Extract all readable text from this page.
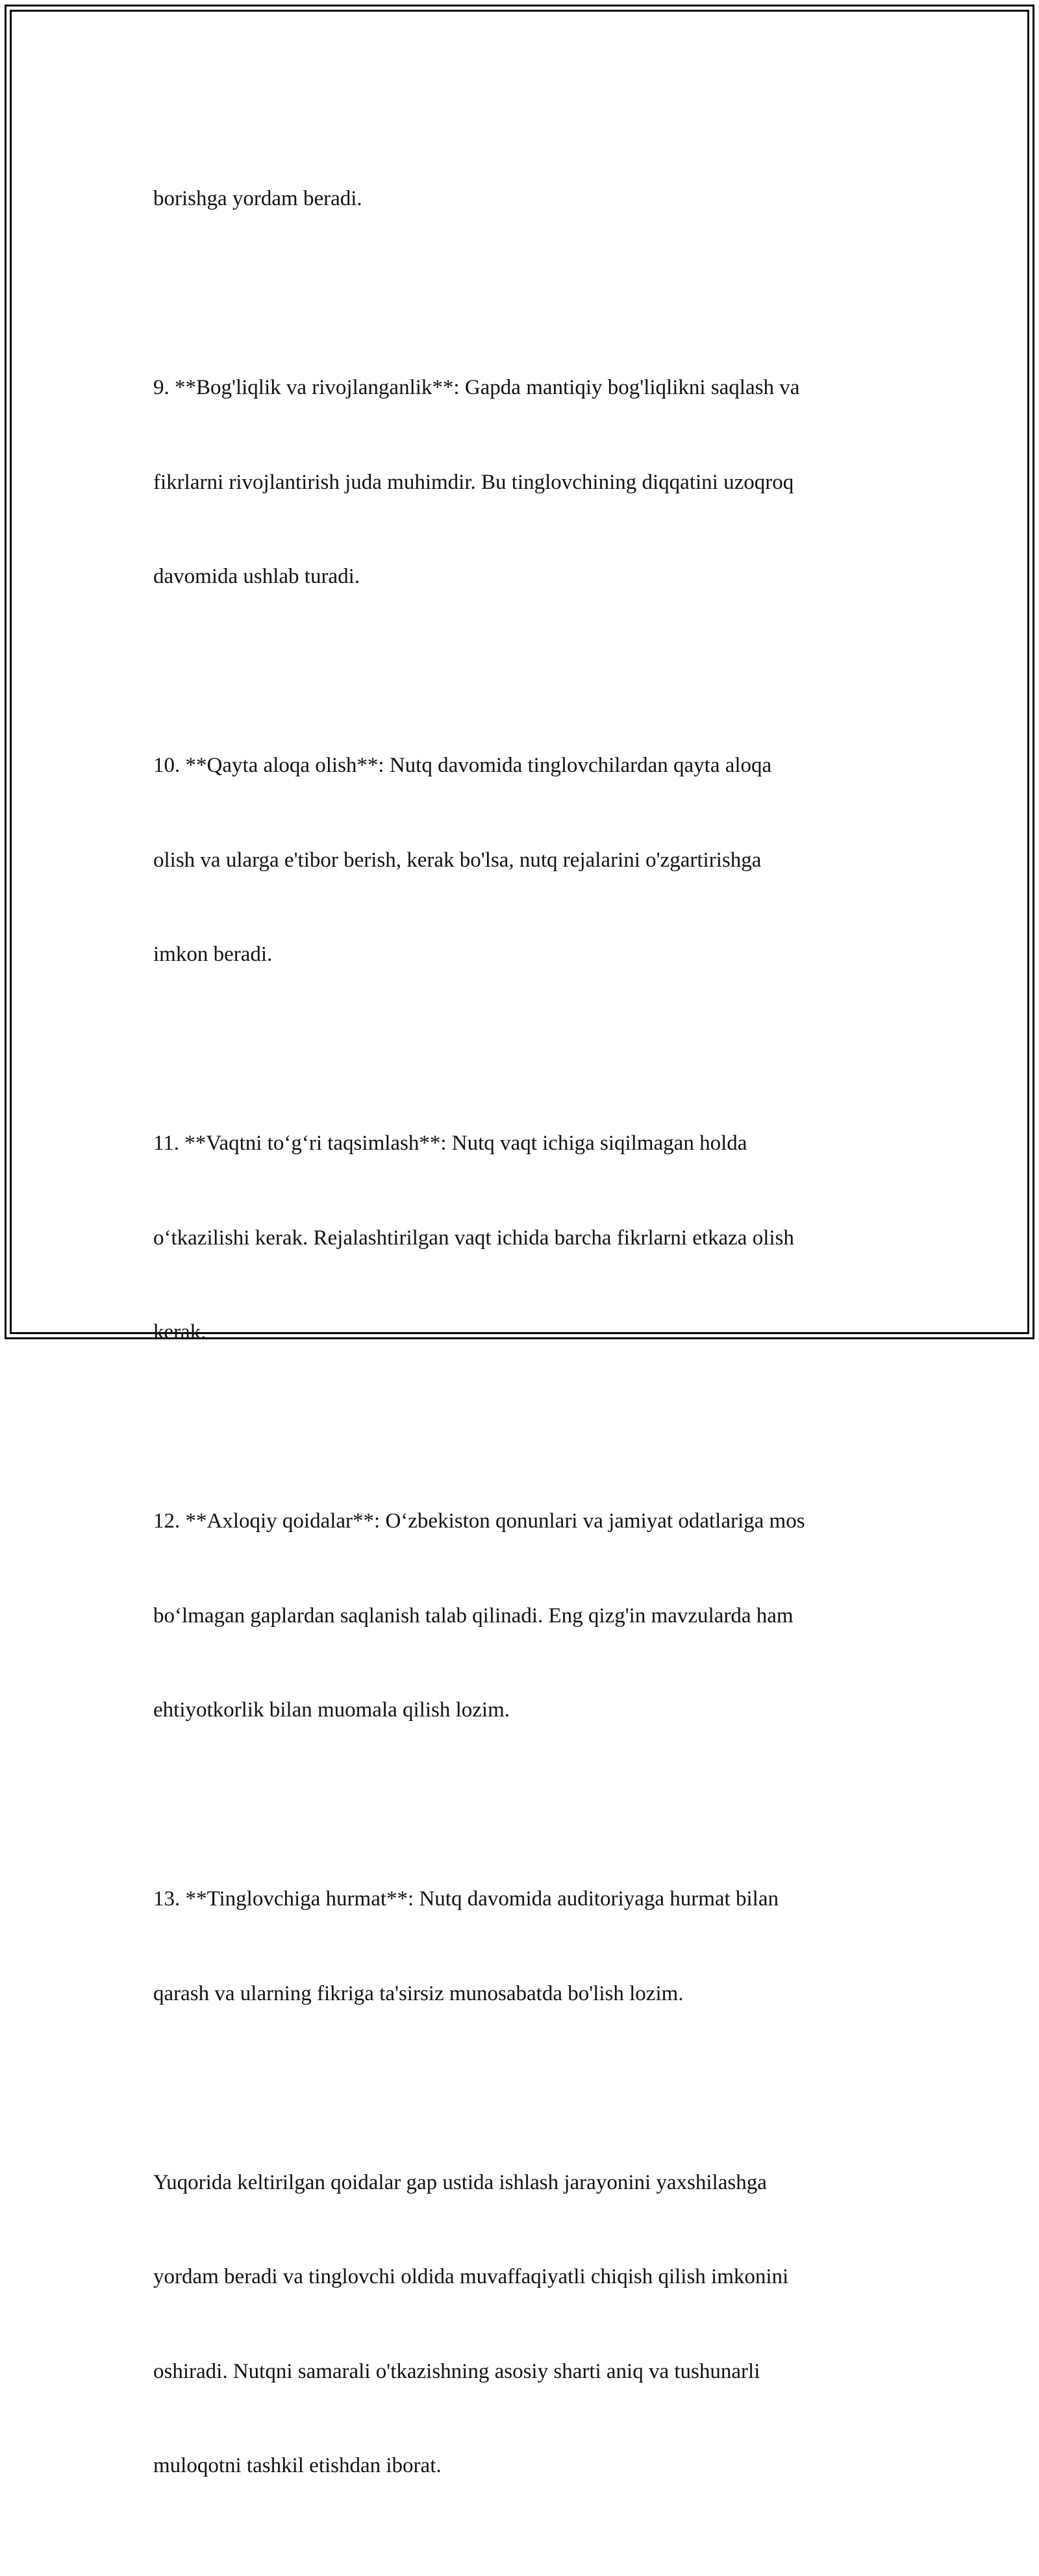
borishga yordam beradi.

9. **Bog'liqlik va rivojlanganlik**: Gapda mantiqiy bog'liqlikni saqlash va

fikrlarni rivojlantirish juda muhimdir. Bu tinglovchining diqqatini uzoqroq

davomida ushlab turadi.

10. **Qayta aloqa olish**: Nutq davomida tinglovchilardan qayta aloqa

olish va ularga e'tibor berish, kerak bo'lsa, nutq rejalarini o'zgartirishga

imkon beradi.

11. **Vaqtni to‘g‘ri taqsimlash**: Nutq vaqt ichiga siqilmagan holda

o‘tkazilishi kerak. Rejalashtirilgan vaqt ichida barcha fikrlarni etkaza olish

kerak.

12. **Axloqiy qoidalar**: O‘zbekiston qonunlari va jamiyat odatlariga mos

bo‘lmagan gaplardan saqlanish talab qilinadi. Eng qizg'in mavzularda ham

ehtiyotkorlik bilan muomala qilish lozim.

13. **Tinglovchiga hurmat**: Nutq davomida auditoriyaga hurmat bilan

qarash va ularning fikriga ta'sirsiz munosabatda bo'lish lozim.

Yuqorida keltirilgan qoidalar gap ustida ishlash jarayonini yaxshilashga

yordam beradi va tinglovchi oldida muvaffaqiyatli chiqish qilish imkonini

oshiradi. Nutqni samarali o'tkazishning asosiy sharti aniq va tushunarli

muloqotni tashkil etishdan iborat.
